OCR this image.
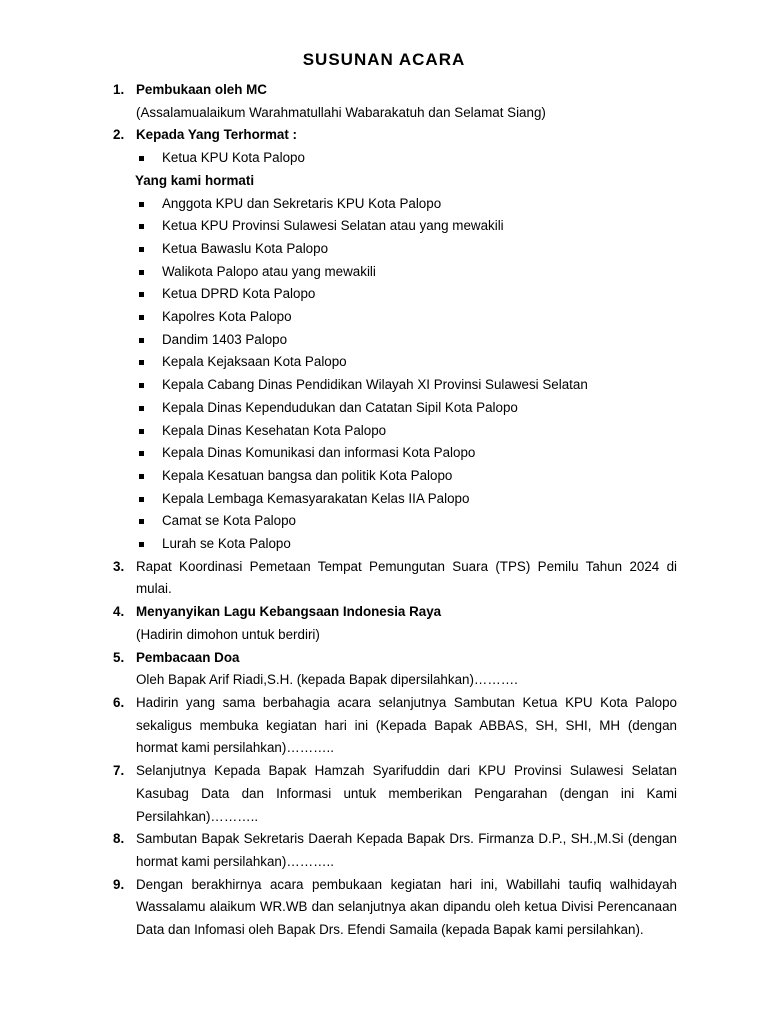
SUSUNAN ACARA
1. Pembukaan oleh MC
(Assalamualaikum Warahmatullahi Wabarakatuh dan Selamat Siang)
2. Kepada Yang Terhormat :
Ketua KPU Kota Palopo
Yang kami hormati
Anggota KPU dan Sekretaris KPU Kota Palopo
Ketua KPU Provinsi Sulawesi Selatan atau yang mewakili
Ketua Bawaslu Kota Palopo
Walikota Palopo atau yang mewakili
Ketua DPRD Kota Palopo
Kapolres Kota Palopo
Dandim 1403 Palopo
Kepala Kejaksaan Kota Palopo
Kepala Cabang Dinas Pendidikan Wilayah XI Provinsi Sulawesi Selatan
Kepala Dinas Kependudukan dan Catatan Sipil Kota Palopo
Kepala Dinas Kesehatan Kota Palopo
Kepala Dinas Komunikasi dan informasi Kota Palopo
Kepala Kesatuan bangsa dan politik Kota Palopo
Kepala Lembaga Kemasyarakatan Kelas IIA Palopo
Camat se Kota Palopo
Lurah se Kota Palopo
3. Rapat Koordinasi Pemetaan Tempat Pemungutan Suara (TPS) Pemilu Tahun 2024 di mulai.
4. Menyanyikan Lagu Kebangsaan Indonesia Raya
(Hadirin dimohon untuk berdiri)
5. Pembacaan Doa
Oleh Bapak Arif Riadi,S.H. (kepada Bapak dipersilahkan)……….
6. Hadirin yang sama berbahagia acara selanjutnya Sambutan Ketua KPU Kota Palopo sekaligus membuka kegiatan hari ini (Kepada Bapak ABBAS, SH, SHI, MH (dengan hormat kami persilahkan)………..
7. Selanjutnya Kepada Bapak Hamzah Syarifuddin dari KPU Provinsi Sulawesi Selatan Kasubag Data dan Informasi untuk memberikan Pengarahan (dengan ini Kami Persilahkan)………..
8. Sambutan Bapak Sekretaris Daerah Kepada Bapak Drs. Firmanza D.P., SH.,M.Si (dengan hormat kami persilahkan)………..
9. Dengan berakhirnya acara pembukaan kegiatan hari ini, Wabillahi taufiq walhidayah Wassalamu alaikum WR.WB dan selanjutnya akan dipandu oleh ketua Divisi Perencanaan Data dan Infomasi oleh Bapak Drs. Efendi Samaila (kepada Bapak kami persilahkan).
